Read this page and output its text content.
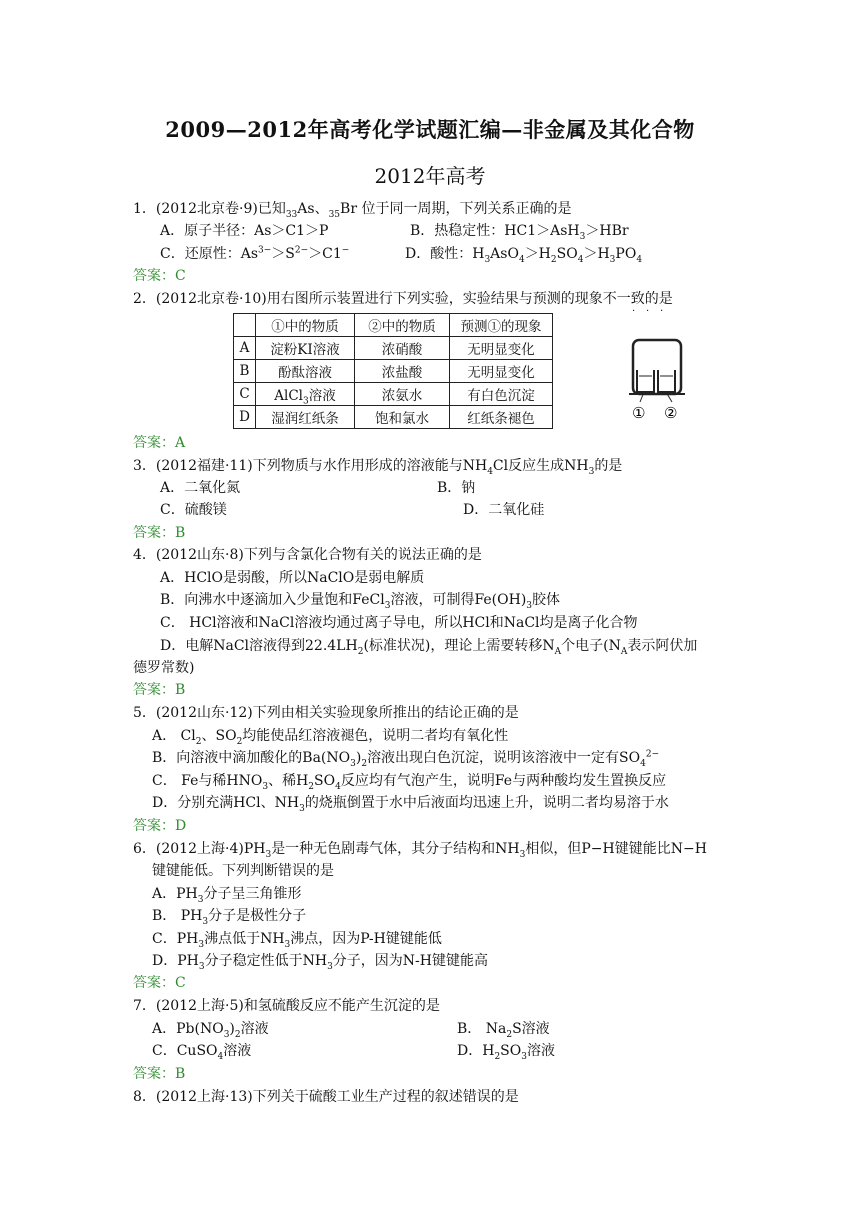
2009—2012年高考化学试题汇编—非金属及其化合物
2012年高考
1．(2012北京卷·9)已知$_{33}$As、$_{35}$Br 位于同一周期，下列关系正确的是
A．原子半径：As＞C1＞P	B．热稳定性：HC1＞AsH$_3$＞HBr
C．还原性：$As^{3-}>S^{2-}>C1^-$	D．酸性：$H_3AsO_4>H_2SO_4>H_3PO_4$
答案：C
2．(2012北京卷·10)用右图所示装置进行下列实验，实验结果与预测的现象不一致的是
· · ·
	①中的物质	②中的物质	预测①的现象
A	淀粉KI溶液	浓硝酸	无明显变化
B	酚酞溶液	浓盐酸	无明显变化
C	AlCl$_3$溶液	浓氨水	有白色沉淀
D	湿润红纸条	饱和氯水	红纸条褪色	① ②
答案：A
3．(2012福建·11)下列物质与水作用形成的溶液能与$NH_4Cl$反应生成$NH_3$的是
A．二氧化氮	B．钠
C．硫酸镁	D．二氧化硅
答案：B
4．(2012山东·8)下列与含氯化合物有关的说法正确的是
A．HClO是弱酸，所以NaClO是弱电解质
B．向沸水中逐滴加入少量饱和FeCl$_3$溶液，可制得$Fe(OH)_3$胶体
C． HCl溶液和NaCl溶液均通过离子导电，所以HCl和NaCl均是离子化合物
D．电解NaCl溶液得到$22.4LH_2$(标准状况)，理论上需要转移$N_A$个电子($N_A$表示阿伏加
德罗常数)
答案：B
5．(2012山东·12)下列由相关实验现象所推出的结论正确的是
A． $Cl_2$、$SO_2$均能使品红溶液褪色，说明二者均有氧化性
B．向溶液中滴加酸化的$Ba(NO_3)_2$溶液出现白色沉淀，说明该溶液中一定有$SO_4^{2-}$
C． Fe与稀$HNO_3$、稀$H_2SO_4$反应均有气泡产生，说明Fe与两种酸均发生置换反应
D．分别充满HCl、$NH_3$的烧瓶倒置于水中后液面均迅速上升，说明二者均易溶于水
答案：D
6．(2012上海$\cdot 4)PH_3$是一种无色剧毒气体，其分子结构和$NH_3$相似，但P−H键键能比N−H
键键能低。下列判断错误的是
A．$PH_3$分子呈三角锥形
B． $PH_3$分子是极性分子
C．$PH_3$沸点低于$NH_3$沸点，因为P-H键键能低
D．$PH_3$分子稳定性低于$NH_3$分子，因为N-H键键能高
答案：C
7．(2012上海·5)和氢硫酸反应不能产生沉淀的是
A．$Pb(NO_3)_2$溶液	B． $Na_2S$溶液
C．CuSO$_4$溶液	D．$H_2SO_3$溶液
答案：B
8．(2012上海·13)下列关于硫酸工业生产过程的叙述错误的是
